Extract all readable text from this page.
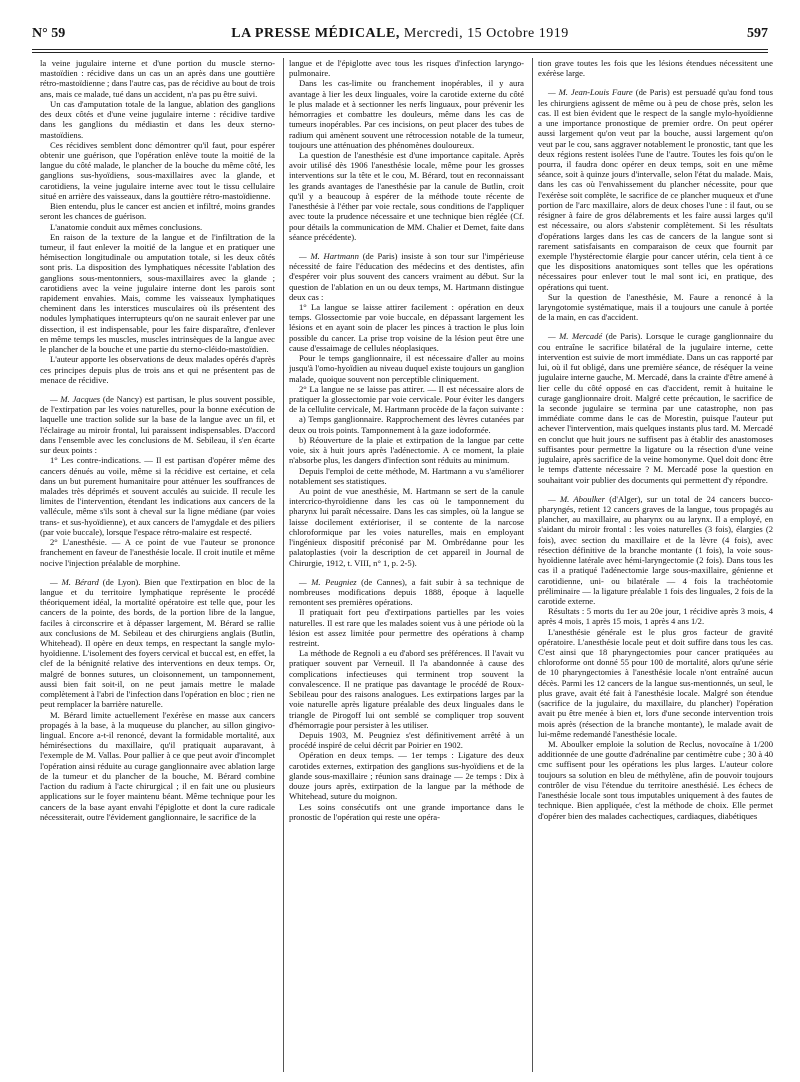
N° 59	LA PRESSE MÉDICALE, Mercredi, 15 Octobre 1919	597

la veine jugulaire interne et d'une portion du muscle sterno-mastoïdien : récidive dans un cas un an après dans une gouttière rétro-mastoïdienne ; dans l'autre cas, pas de récidive au bout de trois ans, mais ce malade, tué dans un accident, n'a pas pu être suivi.

Un cas d'amputation totale de la langue, ablation des ganglions des deux côtés et d'une veine jugulaire interne : récidive tardive dans les ganglions du médiastin et dans les deux sterno-mastoïdiens.

Ces récidives semblent donc démontrer qu'il faut, pour espérer obtenir une guérison, que l'opération enlève toute la moitié de la langue du côté malade, le plancher de la bouche du même côté, les ganglions sus-hyoïdiens, sous-maxillaires avec la glande, et carotidiens, la veine jugulaire interne avec tout le tissu cellulaire situé en arrière des vaisseaux, dans la gouttière rétro-mastoïdienne.

Bien entendu, plus le cancer est ancien et infiltré, moins grandes seront les chances de guérison.

L'anatomie conduit aux mêmes conclusions.

En raison de la texture de la langue et de l'infiltration de la tumeur, il faut enlever la moitié de la langue et en pratiquer une hémisection longitudinale ou amputation totale, si les deux côtés sont pris. La disposition des lymphatiques nécessite l'ablation des ganglions sous-mentonniers, sous-maxillaires avec la glande ; carotidiens avec la veine jugulaire interne dont les parois sont rapidement envahies. Mais, comme les vaisseaux lymphatiques cheminent dans les interstices musculaires où ils présentent des nodules lymphatiques interrupteurs qu'on ne saurait enlever par une dissection, il est indispensable, pour les faire disparaître, d'enlever en même temps les muscles, muscles intrinsèques de la langue avec le plancher de la bouche et une partie du sterno-cléido-mastoïdien.

L'auteur apporte les observations de deux malades opérés d'après ces principes depuis plus de trois ans et qui ne présentent pas de menace de récidive.

— M. Jacques (de Nancy) est partisan, le plus souvent possible, de l'extirpation par les voies naturelles, pour la bonne exécution de laquelle une traction solide sur la base de la langue avec un fil, et l'éclairage au miroir frontal, lui paraissent indispensables. D'accord dans l'ensemble avec les conclusions de M. Sebileau, il s'en écarte sur deux points :

1° Les contre-indications. — Il est partisan d'opérer même des cancers dénués au voile, même si la récidive est certaine, et cela dans un but purement humanitaire pour atténuer les souffrances de malades très déprimés et souvent acculés au suicide. Il recule les limites de l'intervention, étendant les indications aux cancers de la vallécule, même s'ils sont à cheval sur la ligne médiane (par voies trans- et sus-hyoïdienne), et aux cancers de l'amygdale et des piliers (par voie buccale), lorsque l'espace rétro-malaire est respecté.

2° L'anesthésie. — A ce point de vue l'auteur se prononce franchement en faveur de l'anesthésie locale. Il croit inutile et même nocive l'injection préalable de morphine.

— M. Bérard (de Lyon). Bien que l'extirpation en bloc de la langue et du territoire lymphatique représente le procédé théoriquement idéal, la mortalité opératoire est telle que, pour les cancers de la pointe, des bords, de la portion libre de la langue, faciles à circonscrire et à dépasser largement, M. Bérard se rallie aux conclusions de M. Sebileau et des chirurgiens anglais (Butlin, Whitehead). Il opère en deux temps, en respectant la sangle mylo-hyoïdienne. L'isolement des foyers cervical et buccal est, en effet, la clef de la bénignité relative des interventions en deux temps. Or, malgré de bonnes sutures, un cloisonnement, un tamponnement, aussi bien fait soit-il, on ne peut jamais mettre le malade complètement à l'abri de l'infection dans l'opération en bloc ; rien ne peut remplacer la barrière naturelle.

M. Bérard limite actuellement l'exérèse en masse aux cancers propagés à la base, à la muqueuse du plancher, au sillon gingivo-lingual. Encore a-t-il renoncé, devant la formidable mortalité, aux hémirésections du maxillaire, qu'il pratiquait auparavant, à l'exemple de M. Vallas. Pour pallier à ce que peut avoir d'incomplet l'opération ainsi réduite au curage ganglionnaire avec ablation large de la tumeur et du plancher de la bouche, M. Bérard combine l'action du radium à l'acte chirurgical ; il en fait une ou plusieurs applications sur le foyer maintenu béant. Même technique pour les cancers de la base ayant envahi l'épiglotte et dont la cure radicale nécessiterait, outre l'évidement ganglionnaire, le sacrifice de la

langue et de l'épiglotte avec tous les risques d'infection laryngo-pulmonaire.

Dans les cas-limite ou franchement inopérables, il y aura avantage à lier les deux linguales, voire la carotide externe du côté le plus malade et à sectionner les nerfs linguaux, pour prévenir les hémorragies et combattre les douleurs, même dans les cas de tumeurs inopérables. Par ces incisions, on peut placer des tubes de radium qui amènent souvent une rétrocession notable de la tumeur, toujours une atténuation des phénomènes douloureux.

La question de l'anesthésie est d'une importance capitale. Après avoir utilisé dès 1906 l'anesthésie locale, même pour les grosses interventions sur la tête et le cou, M. Bérard, tout en reconnaissant les grands avantages de l'anesthésie par la canule de Butlin, croit qu'il y a beaucoup à espérer de la méthode toute récente de l'anesthésie à l'éther par voie rectale, sous conditions de l'appliquer avec toute la prudence nécessaire et une technique bien réglée (Cf. pour détails la communication de MM. Chalier et Demet, faite dans séance précédente).

— M. Hartmann (de Paris) insiste à son tour sur l'impérieuse nécessité de faire l'éducation des médecins et des dentistes, afin d'espérer voir plus souvent des cancers vraiment au début. Sur la question de l'ablation en un ou deux temps, M. Hartmann distingue deux cas :

1° La langue se laisse attirer facilement : opération en deux temps. Glossectomie par voie buccale, en dépassant largement les lésions et en ayant soin de placer les pinces à traction le plus loin possible du cancer. La prise trop voisine de la lésion peut être une cause d'essaimage de cellules néoplasiques.

Pour le temps ganglionnaire, il est nécessaire d'aller au moins jusqu'à l'omo-hyoïdien au niveau duquel existe toujours un ganglion malade, quoique souvent non perceptible cliniquement.

2° La langue ne se laisse pas attirer. — Il est nécessaire alors de pratiquer la glossectomie par voie cervicale. Pour éviter les dangers de la cellulite cervicale, M. Hartmann procède de la façon suivante :

a) Temps ganglionnaire. Rapprochement des lèvres cutanées par deux ou trois points. Tamponnement à la gaze iodoformée.

b) Réouverture de la plaie et extirpation de la langue par cette voie, six à huit jours après l'adénectomie. A ce moment, la plaie n'absorbe plus, les dangers d'infection sont réduits au minimum.

Depuis l'emploi de cette méthode, M. Hartmann a vu s'améliorer notablement ses statistiques.

Au point de vue anesthésie, M. Hartmann se sert de la canule intercrico-thyroïdienne dans les cas où le tamponnement du pharynx lui paraît nécessaire. Dans les cas simples, où la langue se laisse docilement extérioriser, il se contente de la narcose chloroformique par les voies naturelles, mais en employant l'ingénieux dispositif préconisé par M. Ombrédanne pour les palatoplasties (voir la description de cet appareil in Journal de Chirurgie, 1912, t. VIII, n° 1, p. 2-5).

— M. Peugniez (de Cannes), a fait subir à sa technique de nombreuses modifications depuis 1888, époque à laquelle remontent ses premières opérations.

Il pratiquait fort peu d'extirpations partielles par les voies naturelles. Il est rare que les malades soient vus à une période où la lésion est assez limitée pour permettre des opérations à champ restreint.

La méthode de Regnoli a eu d'abord ses préférences. Il l'avait vu pratiquer souvent par Verneuil. Il l'a abandonnée à cause des complications infectieuses qui terminent trop souvent la convalescence. Il ne pratique pas davantage le procédé de Roux-Sebileau pour des raisons analogues. Les extirpations larges par la voie naturelle après ligature préalable des deux linguales dans le triangle de Pirogoff lui ont semblé se compliquer trop souvent d'hémorragie pour persister à les utiliser.

Depuis 1903, M. Peugniez s'est définitivement arrêté à un procédé inspiré de celui décrit par Poirier en 1902.

Opération en deux temps. — 1er temps : Ligature des deux carotides externes, extirpation des ganglions sus-hyoïdiens et de la glande sous-maxillaire ; réunion sans drainage — 2e temps : Dix à douze jours après, extirpation de la langue par la méthode de Whitehead, suture du moignon.

Les soins consécutifs ont une grande importance dans le pronostic de l'opération qui reste une opéra-

tion grave toutes les fois que les lésions étendues nécessitent une exérèse large.

— M. Jean-Louis Faure (de Paris) est persuadé qu'au fond tous les chirurgiens agissent de même ou à peu de chose près, selon les cas. Il est bien évident que le respect de la sangle mylo-hyoïdienne a une importance pronostique de premier ordre. On peut opérer aussi largement qu'on veut par la bouche, aussi largement qu'on veut par le cou, sans aggraver notablement le pronostic, tant que les deux régions restent isolées l'une de l'autre. Toutes les fois qu'on le pourra, il faudra donc opérer en deux temps, soit en une même séance, soit à quinze jours d'intervalle, selon l'état du malade. Mais, dans les cas où l'envahissement du plancher nécessite, pour que l'exérèse soit complète, le sacrifice de ce plancher muqueux et d'une portion de l'arc maxillaire, alors de deux choses l'une : il faut, ou se résigner à faire de gros délabrements et les faire aussi larges qu'il est nécessaire, ou alors s'abstenir complètement. Si les résultats d'opérations larges dans les cas de cancers de la langue sont si rarement satisfaisants en comparaison de ceux que fournit par exemple l'hystérectomie élargie pour cancer utérin, cela tient à ce que les dispositions anatomiques sont telles que les opérations nécessaires pour enlever tout le mal sont ici, en pratique, des opérations qui tuent.

Sur la question de l'anesthésie, M. Faure a renoncé à la laryngotomie systématique, mais il a toujours une canule à portée de la main, en cas d'accident.

— M. Mercadé (de Paris). Lorsque le curage ganglionnaire du cou entraîne le sacrifice bilatéral de la jugulaire interne, cette intervention est suivie de mort immédiate. Dans un cas rapporté par lui, où il fut obligé, dans une première séance, de réséquer la veine jugulaire interne gauche, M. Mercadé, dans la crainte d'être amené à lier celle du côté opposé en cas d'accident, remit à huitaine le curage ganglionnaire droit. Malgré cette précaution, le sacrifice de la seconde jugulaire se termina par une catastrophe, non pas immédiate comme dans le cas de Morestin, puisque l'auteur put achever l'intervention, mais quelques instants plus tard. M. Mercadé en conclut que huit jours ne suffisent pas à établir des anastomoses suffisantes pour permettre la ligature ou la résection d'une veine jugulaire, après sacrifice de la veine homonyme. Quel doit donc être le temps d'attente nécessaire ? M. Mercadé pose la question en souhaitant voir publier des documents qui permettent d'y répondre.

— M. Aboulker (d'Alger), sur un total de 24 cancers bucco-pharyngés, retient 12 cancers graves de la langue, tous propagés au plancher, au maxillaire, au pharynx ou au larynx. Il a employé, en s'aidant du miroir frontal : les voies naturelles (3 fois), élargies (2 fois), avec section du maxillaire et de la lèvre (4 fois), avec résection définitive de la branche montante (1 fois), la voie sous-hyoïdienne latérale avec hémi-laryngectomie (2 fois). Dans tous les cas il a pratiqué l'adénectomie large sous-maxillaire, génienne et carotidienne, uni- ou bilatérale — 4 fois la trachéotomie préliminaire — la ligature préalable 1 fois des linguales, 2 fois de la carotide externe.

Résultats : 5 morts du 1er au 20e jour, 1 récidive après 3 mois, 4 après 4 mois, 1 après 15 mois, 1 après 4 ans 1/2.

L'anesthésie générale est le plus gros facteur de gravité opératoire. L'anesthésie locale peut et doit suffire dans tous les cas. C'est ainsi que 18 pharyngectomies pour cancer pratiquées au chloroforme ont donné 55 pour 100 de mortalité, alors qu'une série de 10 pharyngectomies à l'anesthésie locale n'ont entraîné aucun décès. Parmi les 12 cancers de la langue sus-mentionnés, un seul, le plus grave, avait été fait à l'anesthésie locale. Malgré son étendue (sacrifice de la jugulaire, du maxillaire, du plancher) l'opération avait pu être menée à bien et, lors d'une seconde intervention trois mois après (résection de la branche montante), le malade avait de lui-même redemandé l'anesthésie locale.

M. Aboulker emploie la solution de Reclus, novocaïne à 1/200 additionnée de une goutte d'adrénaline par centimètre cube ; 30 à 40 cmc suffisent pour les opérations les plus larges. L'auteur colore toujours sa solution en bleu de méthylène, afin de pouvoir toujours contrôler de visu l'étendue du territoire anesthésié. Les échecs de l'anesthésie locale sont tous imputables uniquement à des fautes de technique. Bien appliquée, c'est la méthode de choix. Elle permet d'opérer bien des malades cachectiques, cardiaques, diabétiques
